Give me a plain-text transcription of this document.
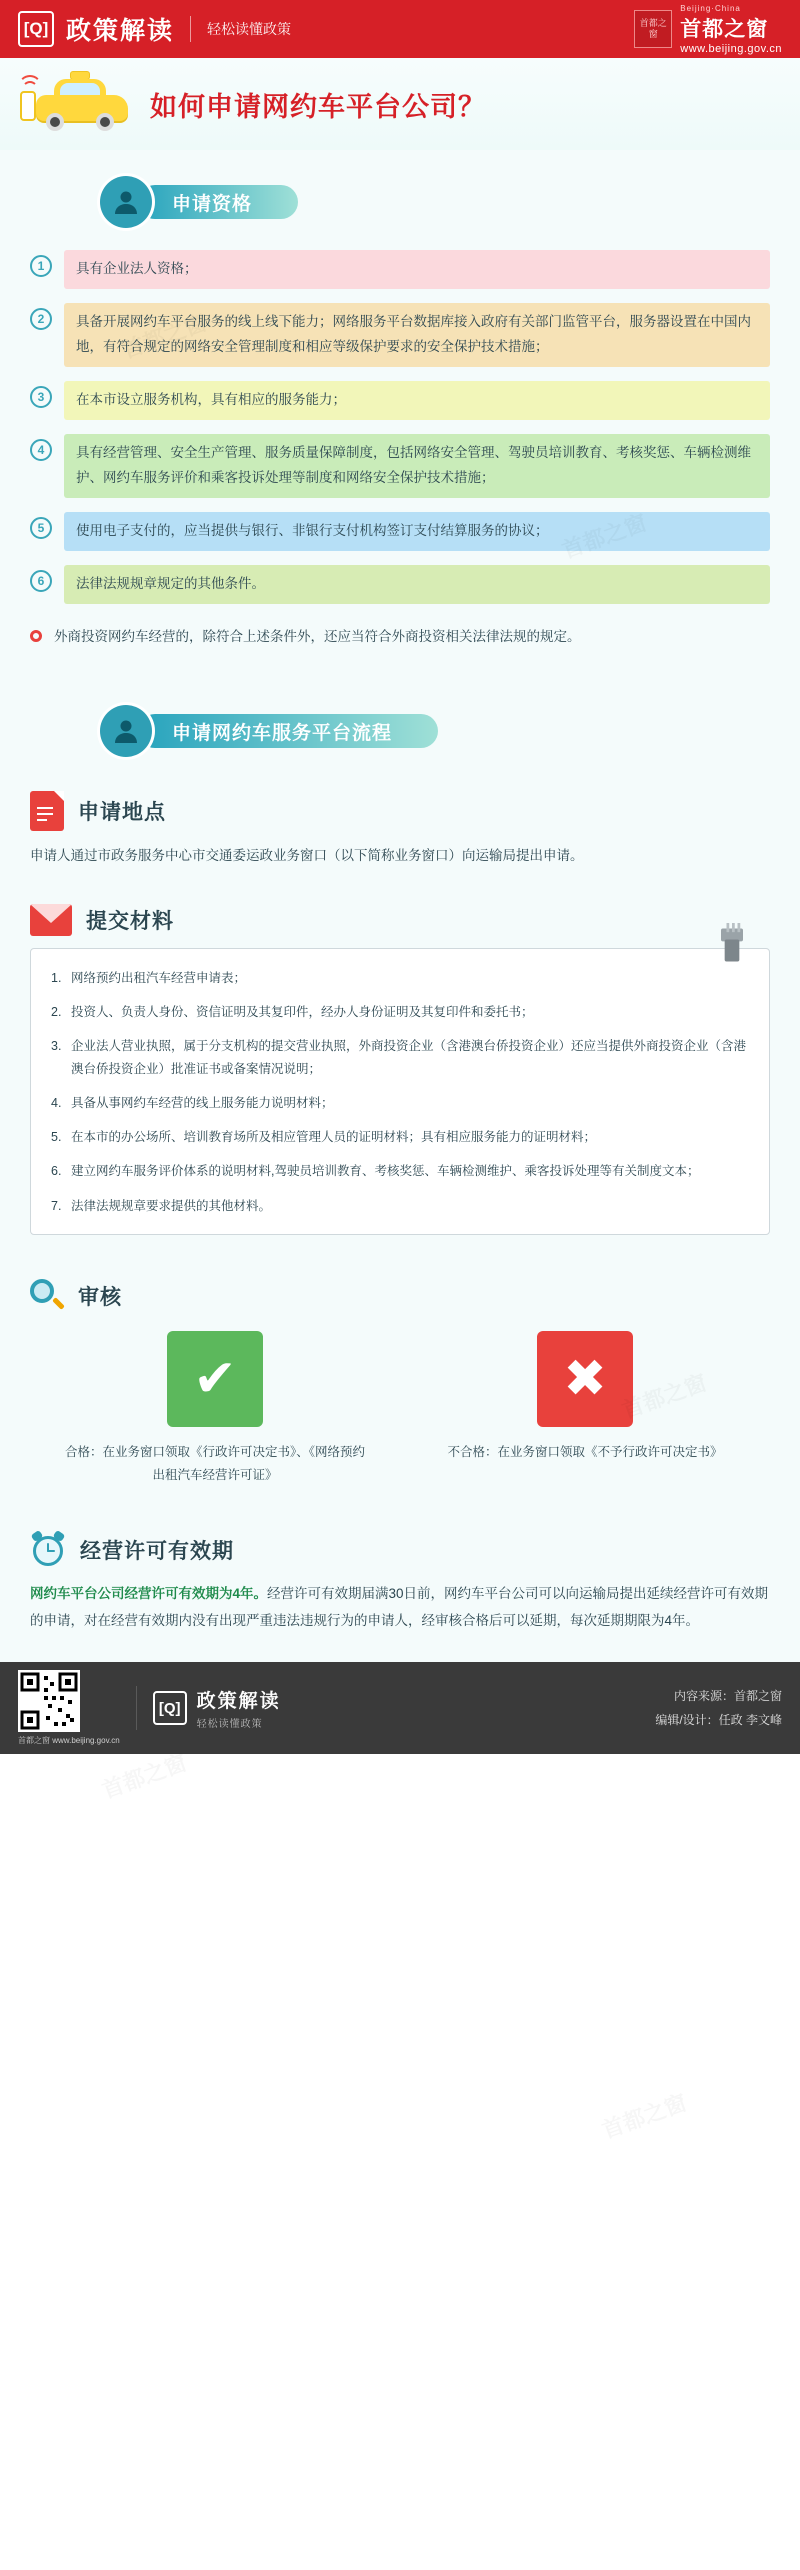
[Q] 政策解读 轻松读懂政策	首都之窗
Beijing·China
首都之窗
www.beijing.gov.cn
如何申请网约车平台公司？
申请资格
1	具有企业法人资格；
2	具备开展网约车平台服务的线上线下能力；网络服务平台数据库接入政府有关部门监管平台，服务器设置在中国内地，有符合规定的网络安全管理制度和相应等级保护要求的安全保护技术措施；
3	在本市设立服务机构，具有相应的服务能力；
4	具有经营管理、安全生产管理、服务质量保障制度，包括网络安全管理、驾驶员培训教育、考核奖惩、车辆检测维护、网约车服务评价和乘客投诉处理等制度和网络安全保护技术措施；
5	使用电子支付的，应当提供与银行、非银行支付机构签订支付结算服务的协议；
6	法律法规规章规定的其他条件。
外商投资网约车经营的，除符合上述条件外，还应当符合外商投资相关法律法规的规定。
申请网约车服务平台流程
申请地点
申请人通过市政务服务中心市交通委运政业务窗口（以下简称业务窗口）向运输局提出申请。
提交材料
1. 网络预约出租汽车经营申请表；
2. 投资人、负责人身份、资信证明及其复印件，经办人身份证明及其复印件和委托书；
3. 企业法人营业执照，属于分支机构的提交营业执照，外商投资企业（含港澳台侨投资企业）还应当提供外商投资企业（含港澳台侨投资企业）批准证书或备案情况说明；
4. 具备从事网约车经营的线上服务能力说明材料；
5. 在本市的办公场所、培训教育场所及相应管理人员的证明材料；具有相应服务能力的证明材料；
6. 建立网约车服务评价体系的说明材料,驾驶员培训教育、考核奖惩、车辆检测维护、乘客投诉处理等有关制度文本；
7. 法律法规规章要求提供的其他材料。
审核
✔
合格：在业务窗口领取《行政许可决定书》、《网络预约出租汽车经营许可证》
✖
不合格：在业务窗口领取《不予行政许可决定书》
经营许可有效期
网约车平台公司经营许可有效期为4年。经营许可有效期届满30日前，网约车平台公司可以向运输局提出延续经营许可有效期的申请，对在经营有效期内没有出现严重违法违规行为的申请人，经审核合格后可以延期，每次延期期限为4年。
首都之窗 www.beijing.gov.cn
[Q] 政策解读
轻松读懂政策
内容来源：首都之窗
编辑/设计：任政 李文峰
